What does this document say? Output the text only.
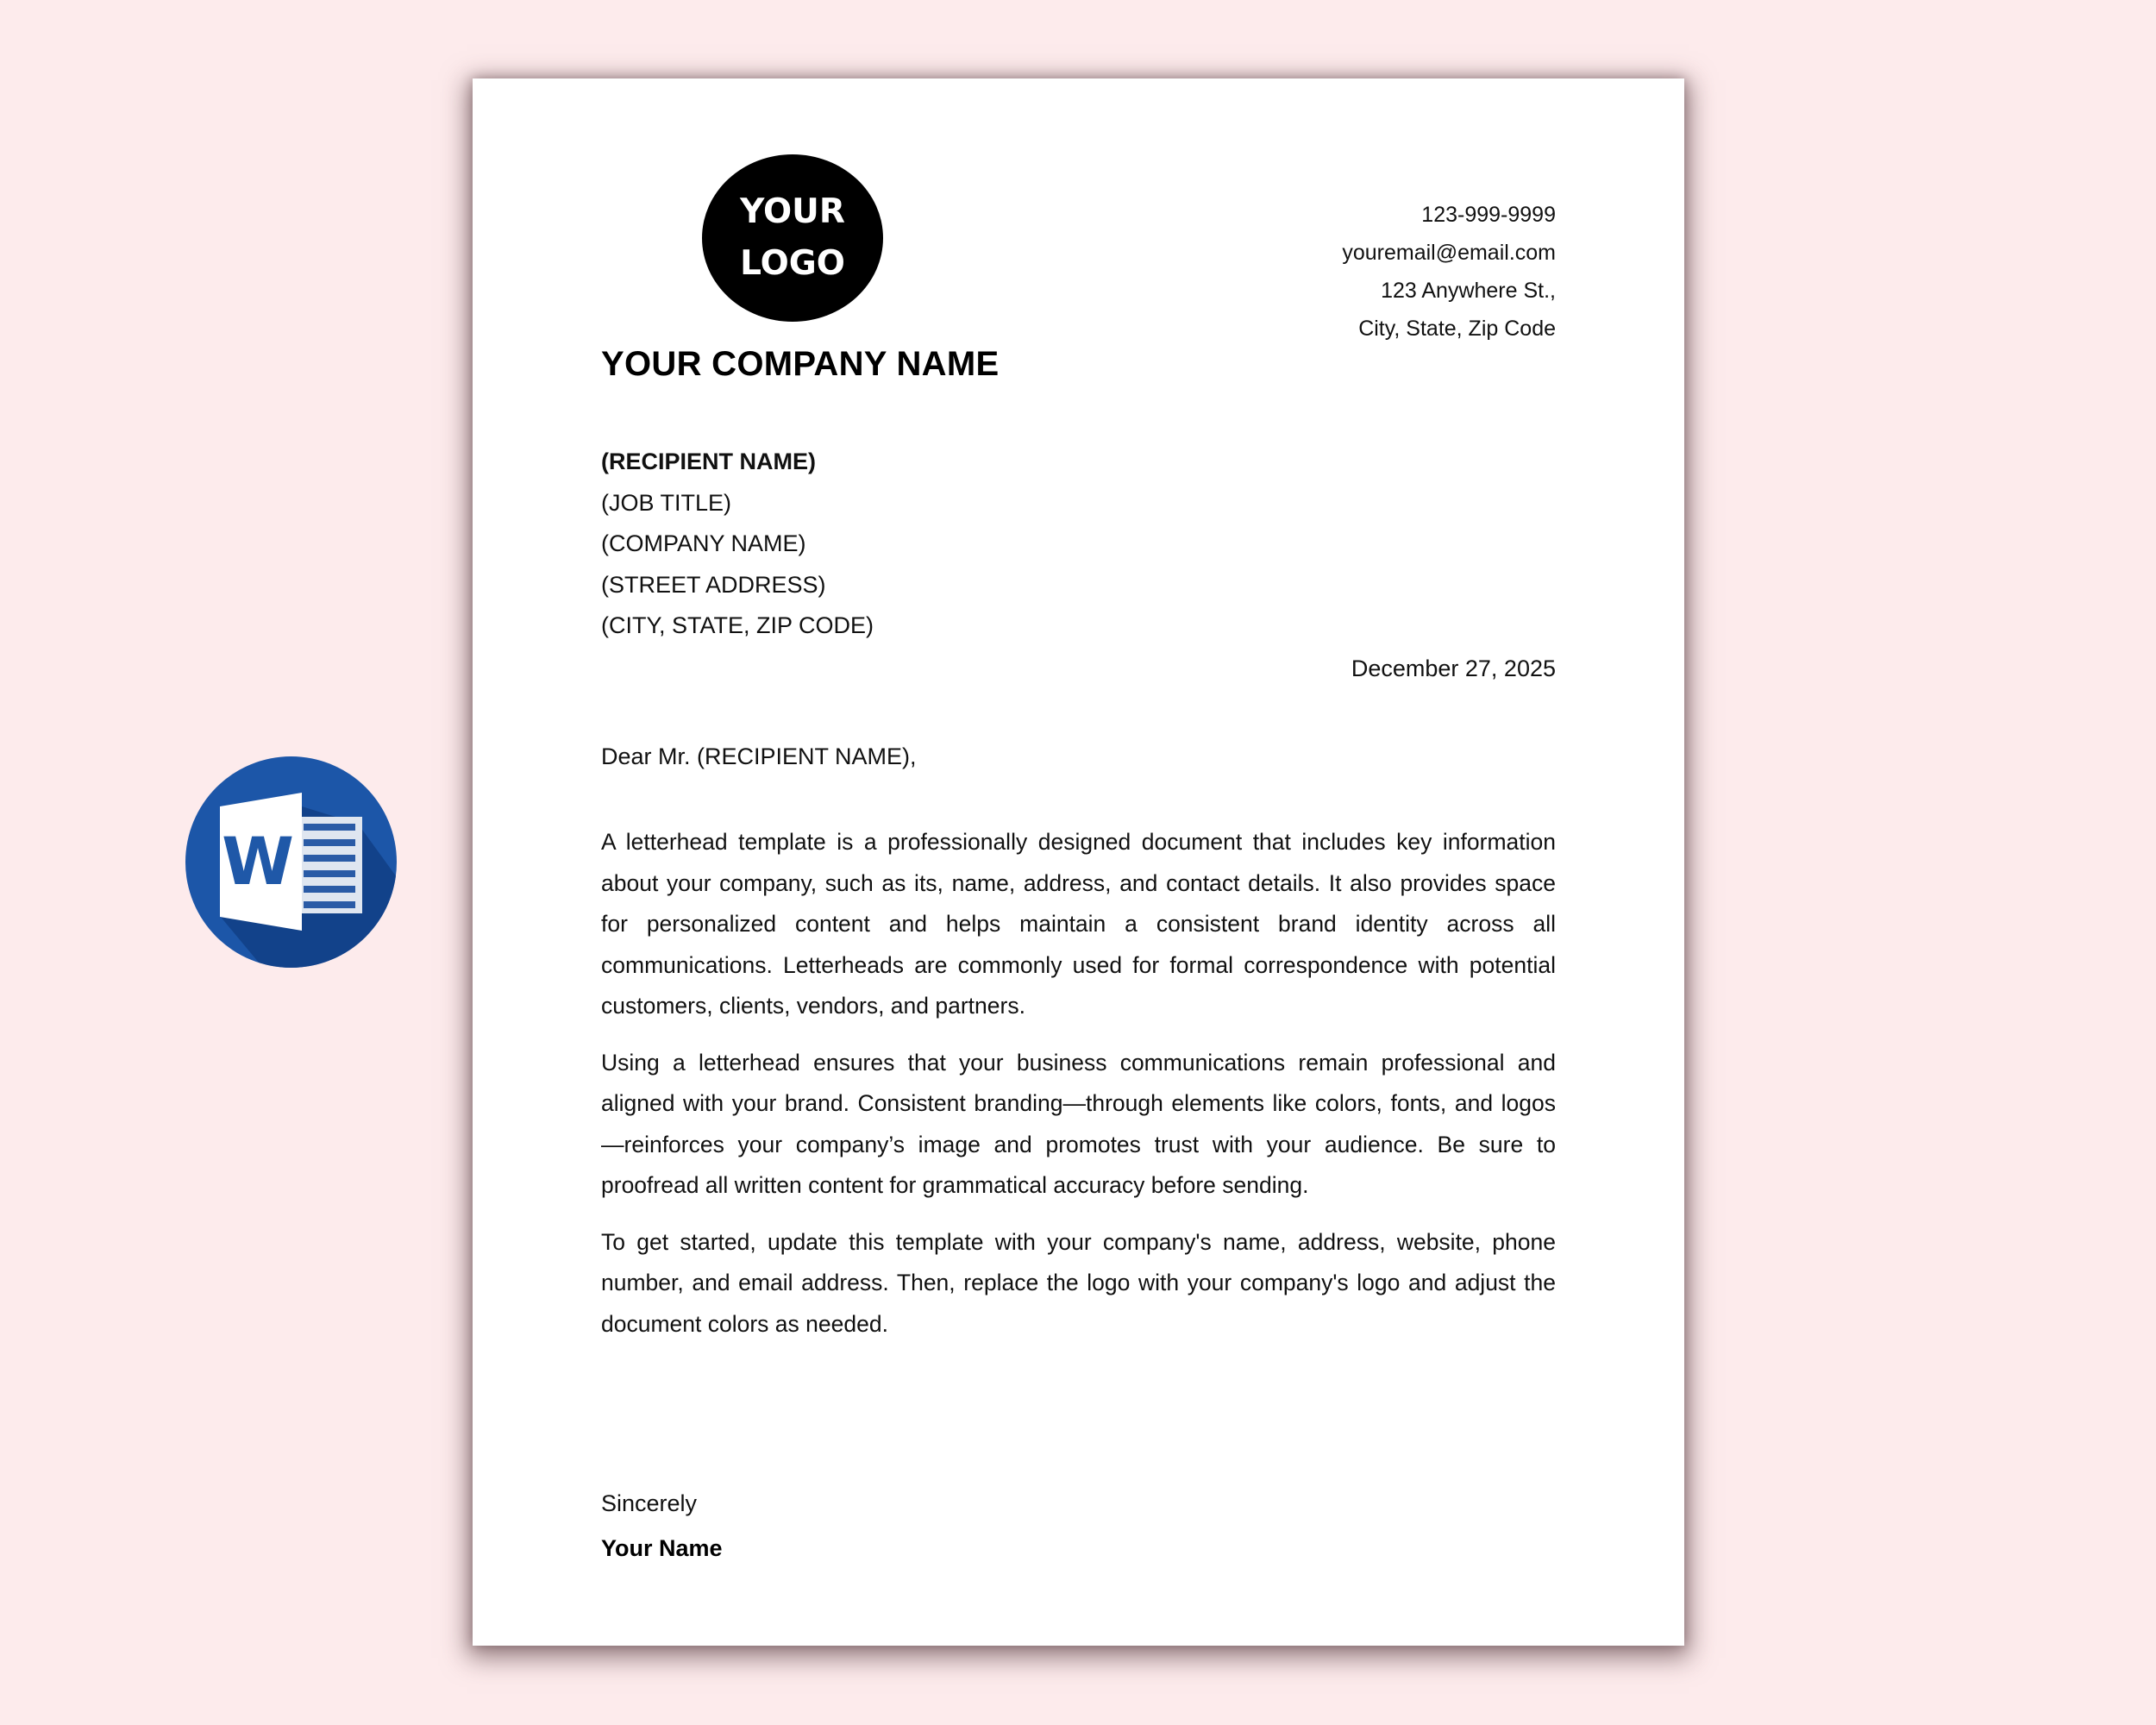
W
YOUR
LOGO
123-999-9999
youremail@email.com
123 Anywhere St.,
City, State, Zip Code
YOUR COMPANY NAME
(RECIPIENT NAME)
(JOB TITLE)
(COMPANY NAME)
(STREET ADDRESS)
(CITY, STATE, ZIP CODE)
December 27, 2025
Dear Mr. (RECIPIENT NAME),

A letterhead template is a professionally designed document that includes key information about your company, such as its, name, address, and contact details. It also provides space for personalized content and helps maintain a consistent brand identity across all communications. Letterheads are commonly used for formal correspondence with potential customers, clients, vendors, and partners.

Using a letterhead ensures that your business communications remain professional and aligned with your brand. Consistent branding—through elements like colors, fonts, and logos—reinforces your company’s image and promotes trust with your audience. Be sure to proofread all written content for grammatical accuracy before sending.

To get started, update this template with your company's name, address, website, phone number, and email address. Then, replace the logo with your company's logo and adjust the document colors as needed.

Sincerely
Your Name
